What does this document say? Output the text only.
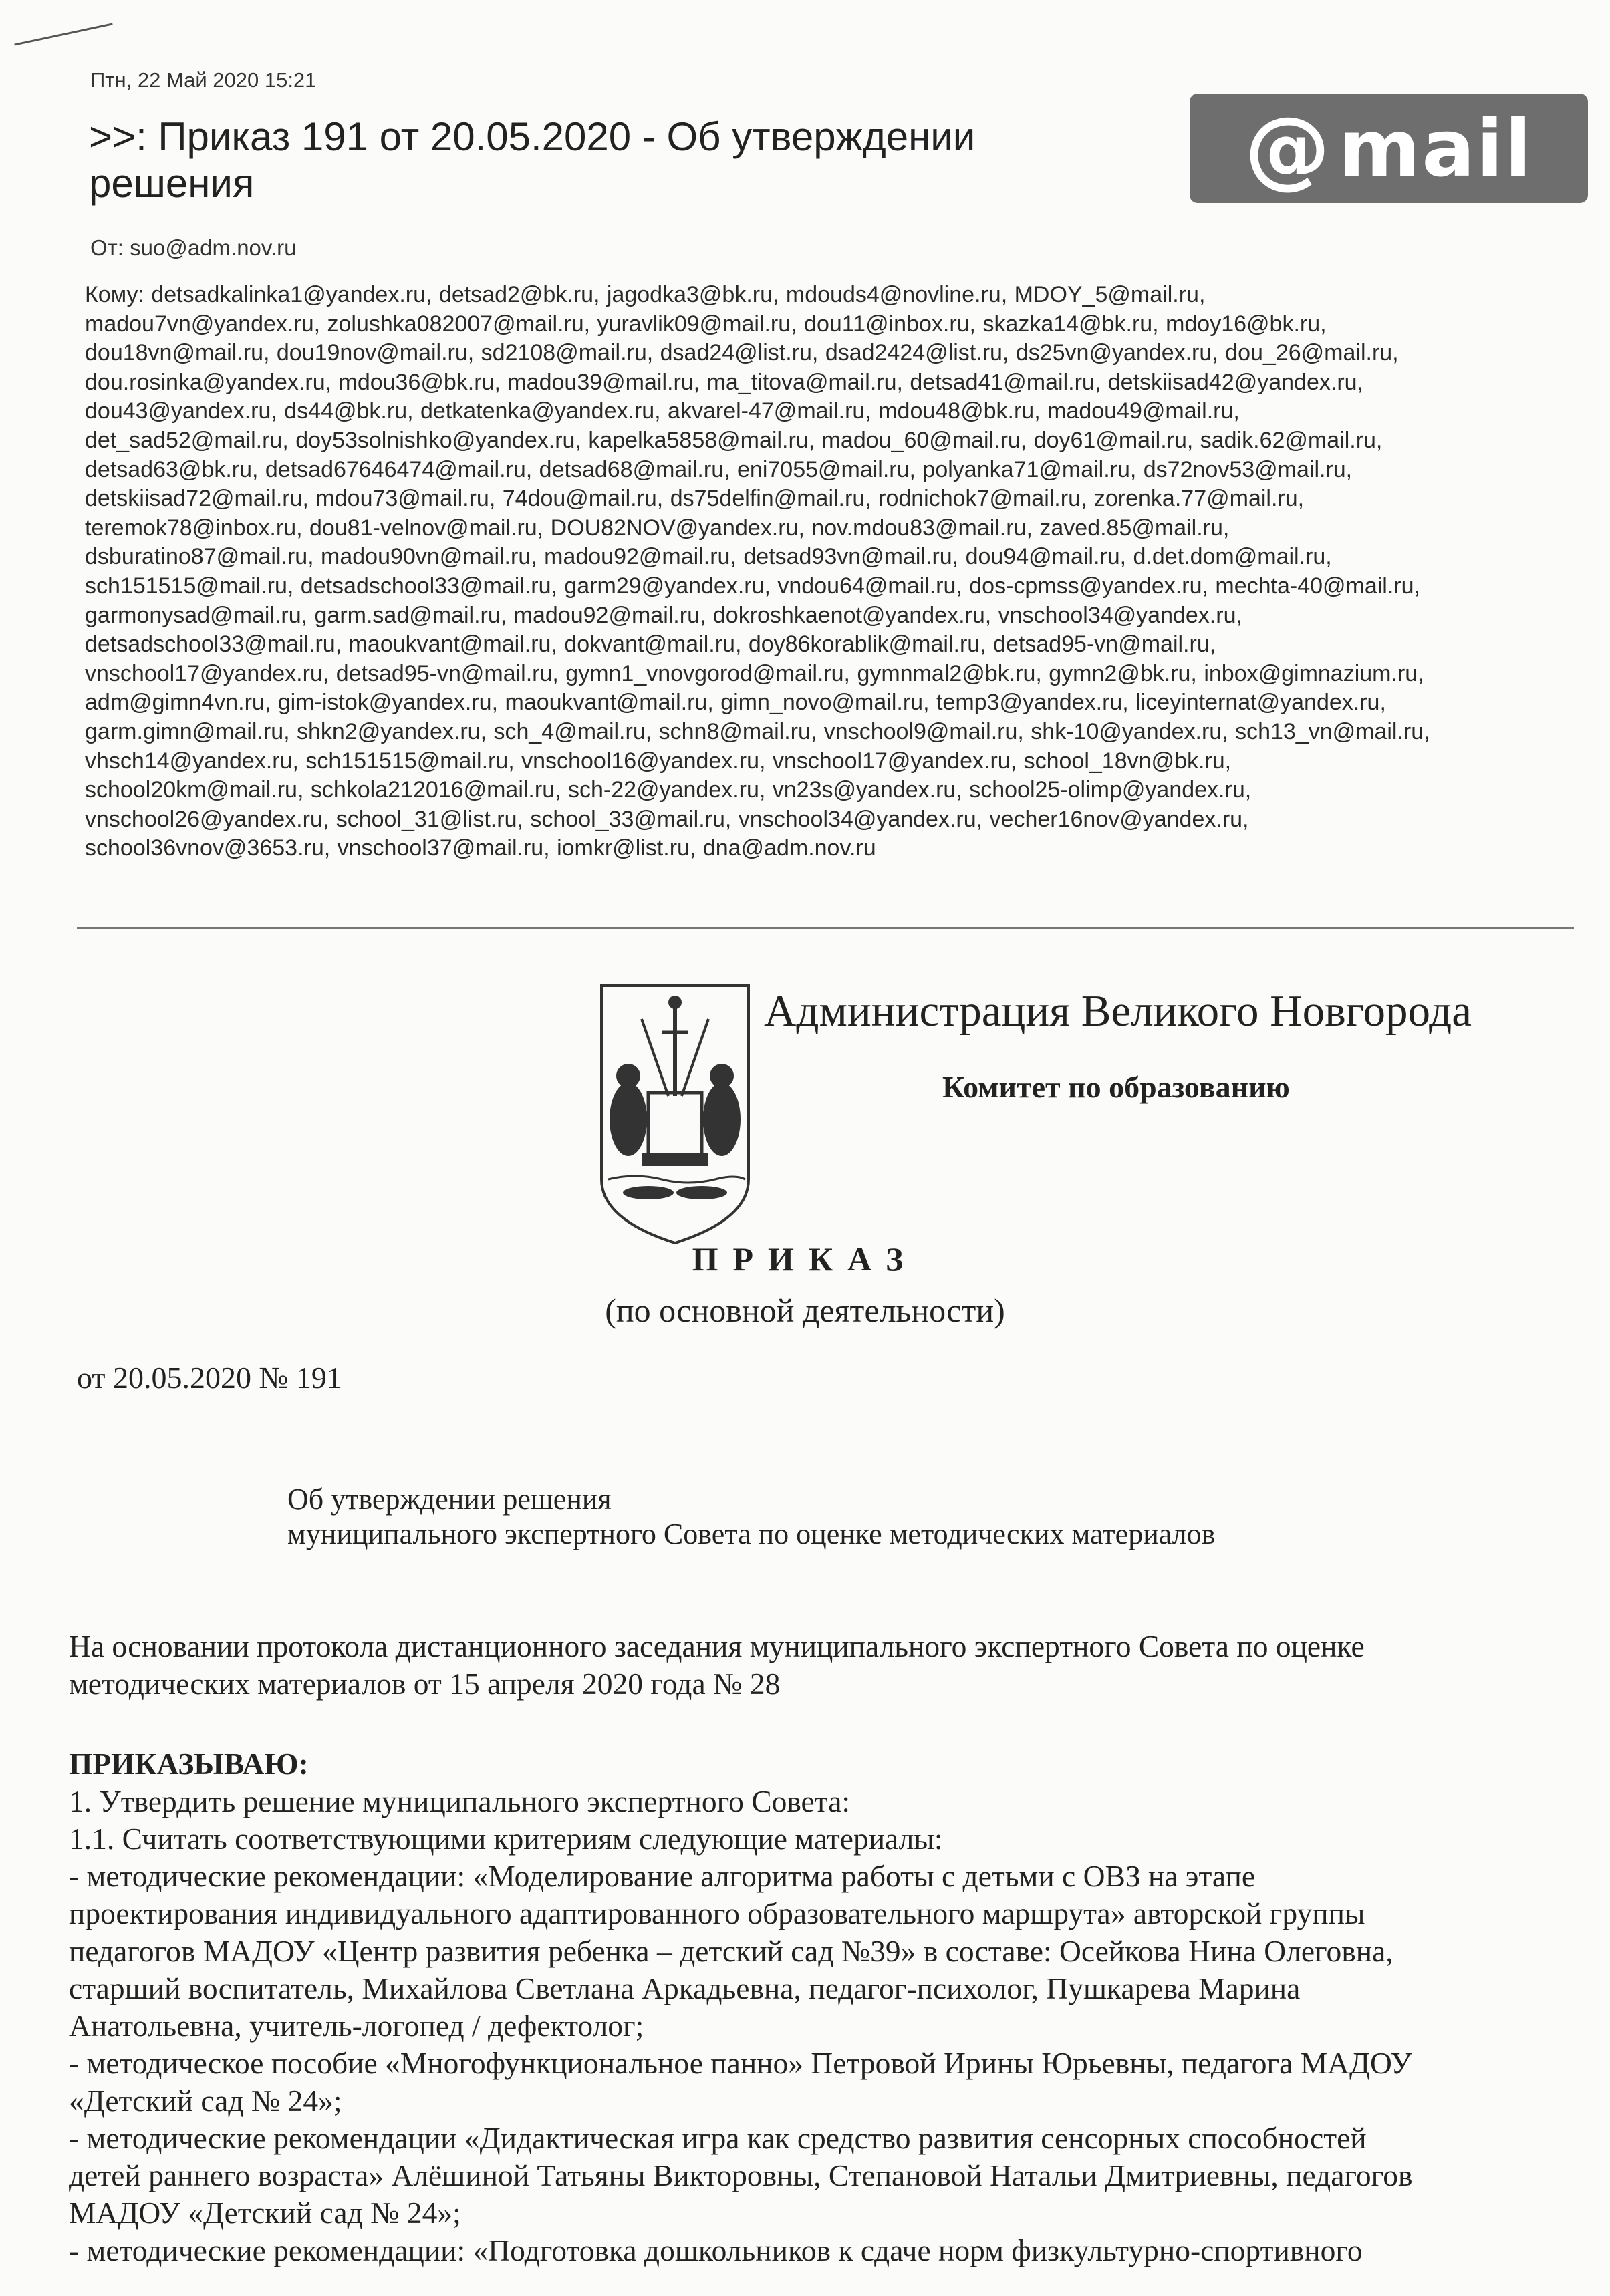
Птн, 22 Май 2020 15:21
>>: Приказ 191 от 20.05.2020 - Об утверждении
решения	@ mail
От: suo@adm.nov.ru
Кому: detsadkalinka1@yandex.ru, detsad2@bk.ru, jagodka3@bk.ru, mdouds4@novline.ru, MDOY_5@mail.ru,
madou7vn@yandex.ru, zolushka082007@mail.ru, yuravlik09@mail.ru, dou11@inbox.ru, skazka14@bk.ru, mdoy16@bk.ru,
dou18vn@mail.ru, dou19nov@mail.ru, sd2108@mail.ru, dsad24@list.ru, dsad2424@list.ru, ds25vn@yandex.ru, dou_26@mail.ru,
dou.rosinka@yandex.ru, mdou36@bk.ru, madou39@mail.ru, ma_titova@mail.ru, detsad41@mail.ru, detskiisad42@yandex.ru,
dou43@yandex.ru, ds44@bk.ru, detkatenka@yandex.ru, akvarel-47@mail.ru, mdou48@bk.ru, madou49@mail.ru,
det_sad52@mail.ru, doy53solnishko@yandex.ru, kapelka5858@mail.ru, madou_60@mail.ru, doy61@mail.ru, sadik.62@mail.ru,
detsad63@bk.ru, detsad67646474@mail.ru, detsad68@mail.ru, eni7055@mail.ru, polyanka71@mail.ru, ds72nov53@mail.ru,
detskiisad72@mail.ru, mdou73@mail.ru, 74dou@mail.ru, ds75delfin@mail.ru, rodnichok7@mail.ru, zorenka.77@mail.ru,
teremok78@inbox.ru, dou81-velnov@mail.ru, DOU82NOV@yandex.ru, nov.mdou83@mail.ru, zaved.85@mail.ru,
dsburatino87@mail.ru, madou90vn@mail.ru, madou92@mail.ru, detsad93vn@mail.ru, dou94@mail.ru, d.det.dom@mail.ru,
sch151515@mail.ru, detsadschool33@mail.ru, garm29@yandex.ru, vndou64@mail.ru, dos-cpmss@yandex.ru, mechta-40@mail.ru,
garmonysad@mail.ru, garm.sad@mail.ru, madou92@mail.ru, dokroshkaenot@yandex.ru, vnschool34@yandex.ru,
detsadschool33@mail.ru, maoukvant@mail.ru, dokvant@mail.ru, doy86korablik@mail.ru, detsad95-vn@mail.ru,
vnschool17@yandex.ru, detsad95-vn@mail.ru, gymn1_vnovgorod@mail.ru, gymnmal2@bk.ru, gymn2@bk.ru, inbox@gimnazium.ru,
adm@gimn4vn.ru, gim-istok@yandex.ru, maoukvant@mail.ru, gimn_novo@mail.ru, temp3@yandex.ru, liceyinternat@yandex.ru,
garm.gimn@mail.ru, shkn2@yandex.ru, sch_4@mail.ru, schn8@mail.ru, vnschool9@mail.ru, shk-10@yandex.ru, sch13_vn@mail.ru,
vhsch14@yandex.ru, sch151515@mail.ru, vnschool16@yandex.ru, vnschool17@yandex.ru, school_18vn@bk.ru,
school20km@mail.ru, schkola212016@mail.ru, sch-22@yandex.ru, vn23s@yandex.ru, school25-olimp@yandex.ru,
vnschool26@yandex.ru, school_31@list.ru, school_33@mail.ru, vnschool34@yandex.ru, vecher16nov@yandex.ru,
school36vnov@3653.ru, vnschool37@mail.ru, iomkr@list.ru, dna@adm.nov.ru
Администрация Великого Новгорода
Комитет по образованию
ПРИКАЗ
(по основной деятельности)
от 20.05.2020 № 191
Об утверждении решения
муниципального экспертного Совета по оценке методических материалов
На основании протокола дистанционного заседания муниципального экспертного Совета по оценке
методических материалов от 15 апреля 2020 года № 28
ПРИКАЗЫВАЮ:
1. Утвердить решение муниципального экспертного Совета:
1.1. Считать соответствующими критериям следующие материалы:
- методические рекомендации: «Моделирование алгоритма работы с детьми с ОВЗ на этапе
проектирования индивидуального адаптированного образовательного маршрута» авторской группы
педагогов МАДОУ «Центр развития ребенка – детский сад №39» в составе: Осейкова Нина Олеговна,
старший воспитатель, Михайлова Светлана Аркадьевна, педагог-психолог, Пушкарева Марина
Анатольевна, учитель-логопед / дефектолог;
- методическое пособие «Многофункциональное панно» Петровой Ирины Юрьевны, педагога МАДОУ
«Детский сад № 24»;
- методические рекомендации «Дидактическая игра как средство развития сенсорных способностей
детей раннего возраста» Алёшиной Татьяны Викторовны, Степановой Натальи Дмитриевны, педагогов
МАДОУ «Детский сад № 24»;
- методические рекомендации: «Подготовка дошкольников к сдаче норм физкультурно-спортивного
